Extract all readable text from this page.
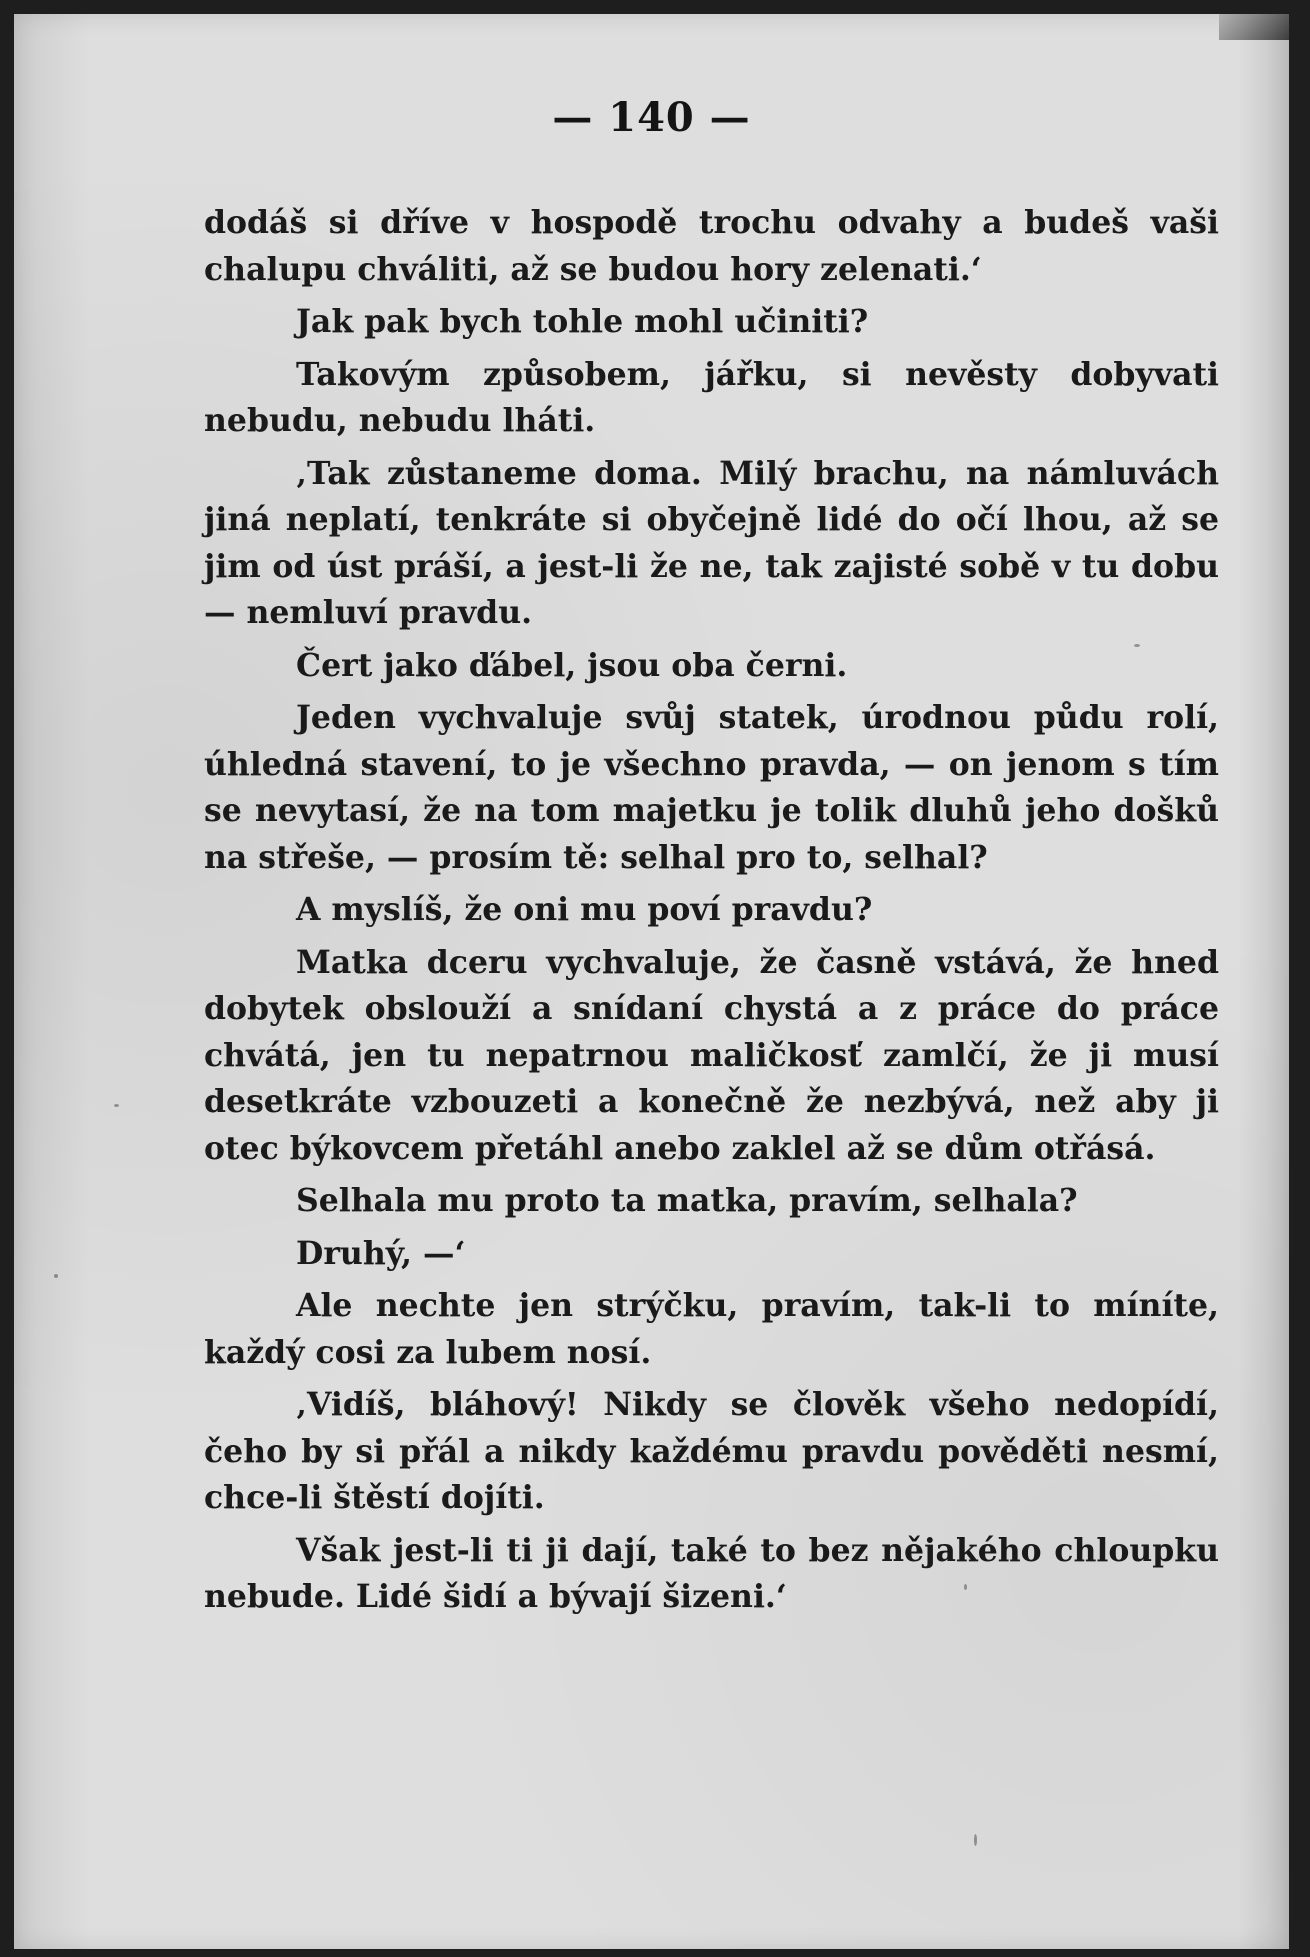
— 140 —

dodáš si dříve v hospodě trochu odvahy a budeš vaši chalupu chváliti, až se budou hory zelenati.‘

Jak pak bych tohle mohl učiniti?

Takovým způsobem, jářku, si nevěsty dobyvati nebudu, nebudu lháti.

‚Tak zůstaneme doma. Milý brachu, na námluvách jiná neplatí, tenkráte si obyčejně lidé do očí lhou, až se jim od úst práší, a jest-li že ne, tak zajisté sobě v tu dobu — nemluví pravdu.

Čert jako ďábel, jsou oba černi.

Jeden vychvaluje svůj statek, úrodnou půdu rolí, úhledná stavení, to je všechno pravda, — on jenom s tím se nevytasí, že na tom majetku je tolik dluhů jeho došků na střeše, — prosím tě: selhal pro to, selhal?

A myslíš, že oni mu poví pravdu?

Matka dceru vychvaluje, že časně vstává, že hned dobytek obslouží a snídaní chystá a z práce do práce chvátá, jen tu nepatrnou maličkosť zamlčí, že ji musí desetkráte vzbouzeti a konečně že nezbývá, než aby ji otec býkovcem přetáhl anebo zaklel až se dům otřásá.

Selhala mu proto ta matka, pravím, selhala?

Druhý, —‘

Ale nechte jen strýčku, pravím, tak-li to míníte, každý cosi za lubem nosí.

‚Vidíš, bláhový! Nikdy se člověk všeho nedopídí, čeho by si přál a nikdy každému pravdu pověděti nesmí, chce-li štěstí dojíti.

Však jest-li ti ji dají, také to bez nějakého chloupku nebude. Lidé šidí a bývají šizeni.‘
